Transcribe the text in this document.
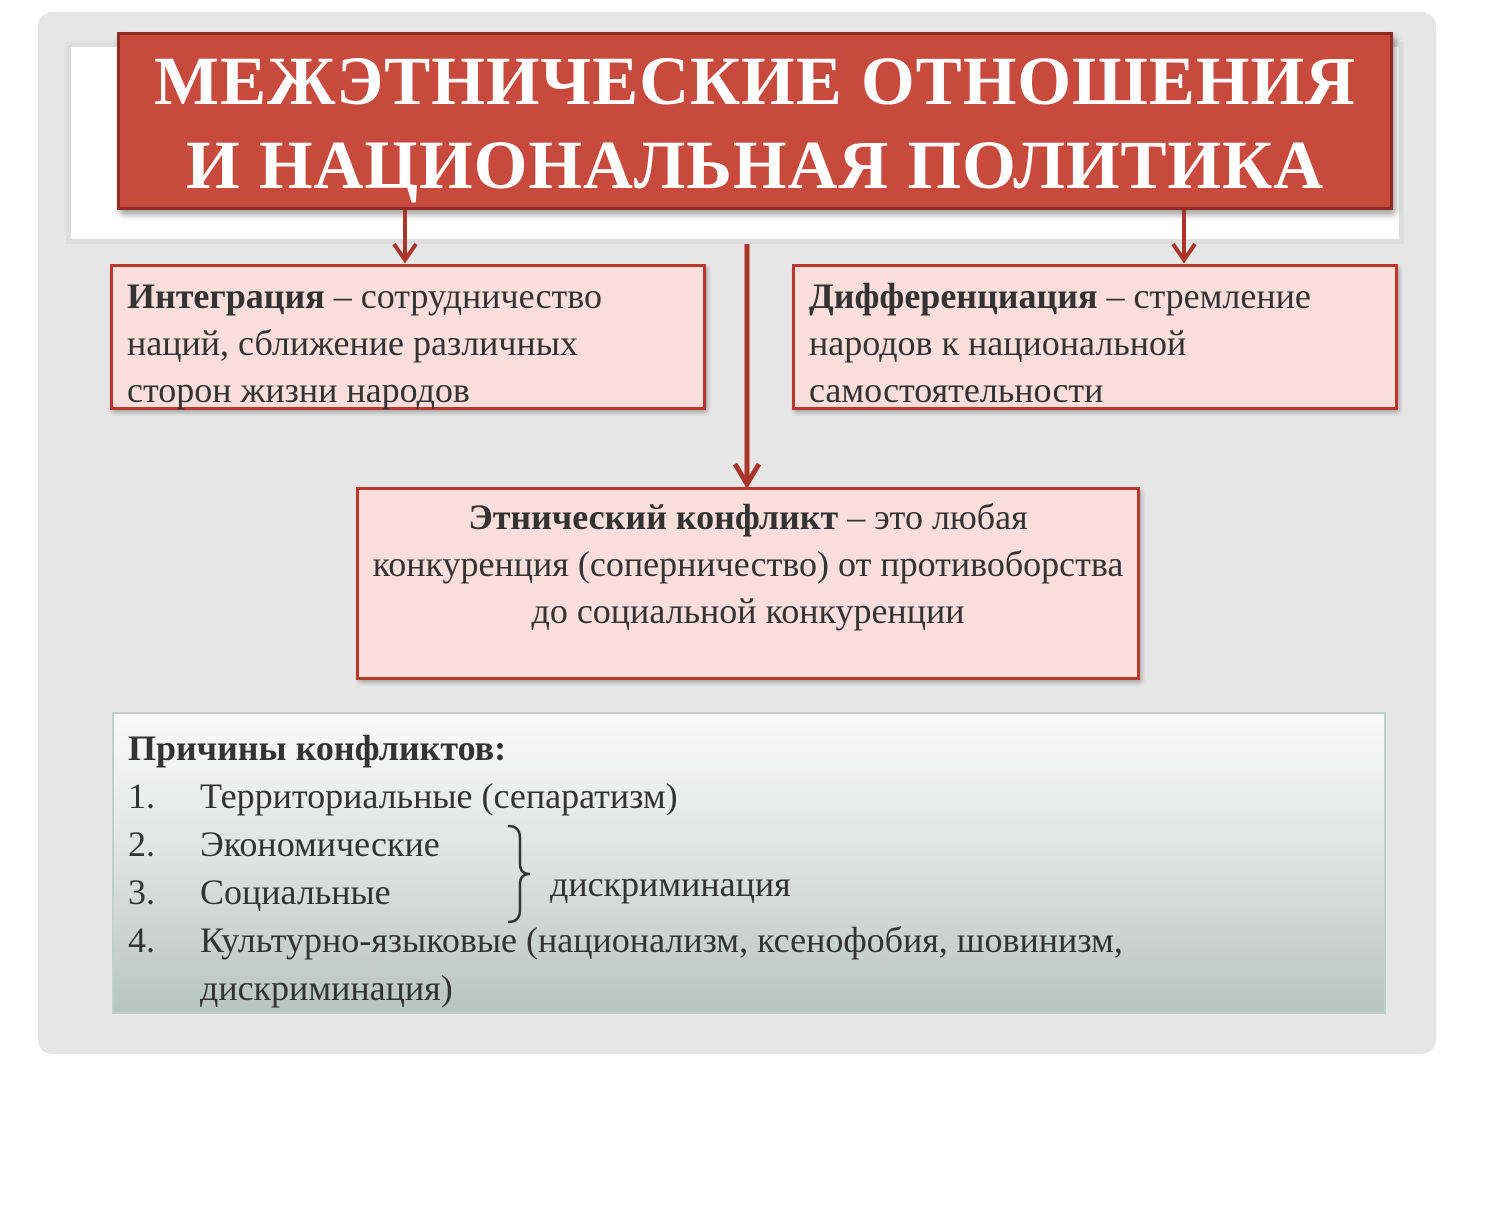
МЕЖЭТНИЧЕСКИЕ ОТНОШЕНИЯ
И НАЦИОНАЛЬНАЯ ПОЛИТИКА
Интеграция – сотрудничество наций, сближение различных сторон жизни народов
Дифференциация – стремление народов к национальной самостоятельности
Этнический конфликт – это любая конкуренция (соперничество) от противоборства до социальной конкуренции
Причины конфликтов:
1. Территориальные (сепаратизм)
2. Экономические
3. Социальные
4. Культурно-языковые (национализм, ксенофобия, шовинизм, дискриминация)
дискриминация
